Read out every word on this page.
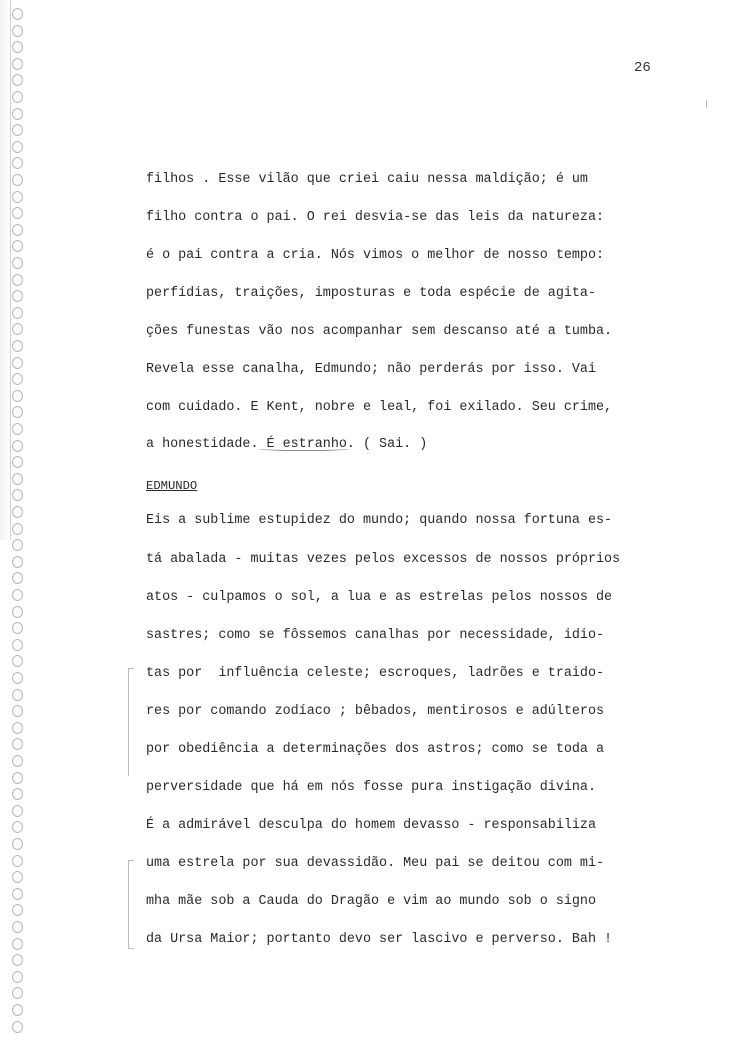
26
filhos . Esse vilão que criei caiu nessa maldição; é um
filho contra o pai. O rei desvia-se das leis da natureza:
é o pai contra a cria. Nós vimos o melhor de nosso tempo:
perfídias, traições, imposturas e toda espécie de agita-
ções funestas vão nos acompanhar sem descanso até a tumba.
Revela esse canalha, Edmundo; não perderás por isso. Vai
com cuidado. E Kent, nobre e leal, foi exilado. Seu crime,
a honestidade. É estranho. ( Sai. )
EDMUNDO
Eis a sublime estupidez do mundo; quando nossa fortuna es-
tá abalada - muitas vezes pelos excessos de nossos próprios
atos - culpamos o sol, a lua e as estrelas pelos nossos de
sastres; como se fôssemos canalhas por necessidade, idio-
tas por  influência celeste; escroques, ladrões e traido-
res por comando zodíaco ; bêbados, mentirosos e adúlteros
por obediência a determinações dos astros; como se toda a
perversidade que há em nós fosse pura instigação divina.
É a admirável desculpa do homem devasso - responsabiliza
uma estrela por sua devassidão. Meu pai se deitou com mi-
mha mãe sob a Cauda do Dragão e vim ao mundo sob o signo
da Ursa Maior; portanto devo ser lascivo e perverso. Bah !
